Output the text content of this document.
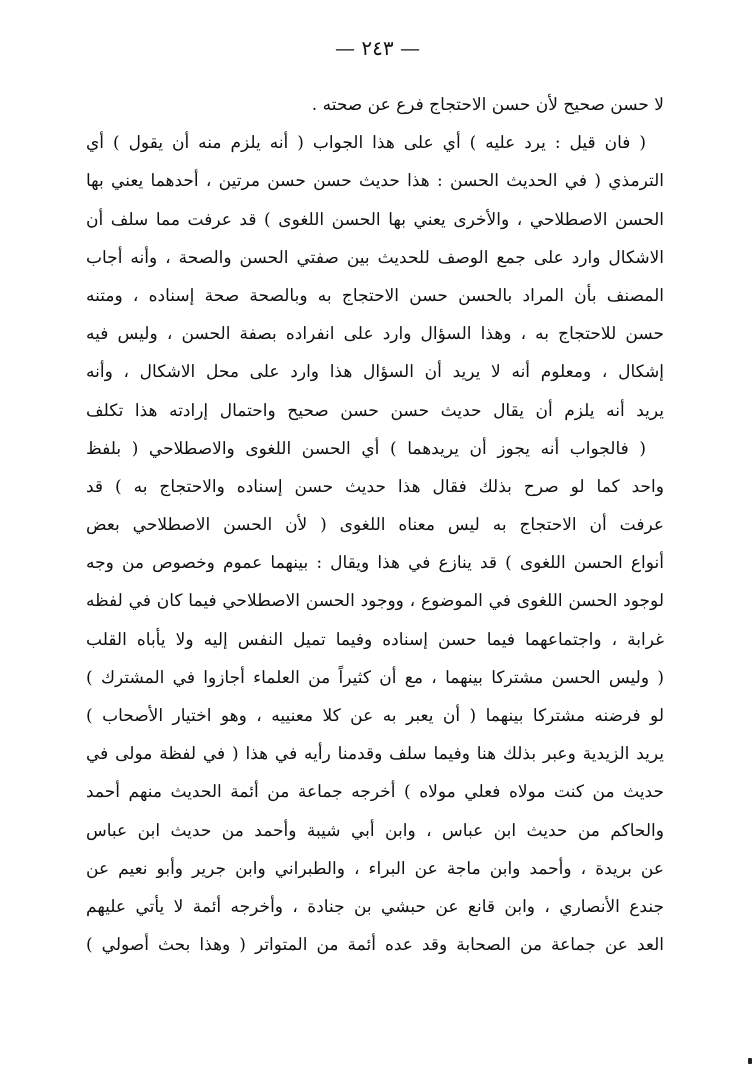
— ٢٤٣ —
لا حسن صحيح لأن حسن الاحتجاج فرع عن صحته .
( فان قيل : يرد عليه ) أي على هذا الجواب ( أنه يلزم منه أن يقول ) أي
الترمذي ( في الحديث الحسن : هذا حديث حسن حسن مرتين ، أحدهما يعني بها
الحسن الاصطلاحي ، والأخرى يعني بها الحسن اللغوى ) قد عرفت مما سلف أن
الاشكال وارد على جمع الوصف للحديث بين صفتي الحسن والصحة ، وأنه أجاب
المصنف بأن المراد بالحسن حسن الاحتجاج به وبالصحة صحة إسناده ، ومتنه
حسن للاحتجاج به ، وهذا السؤال وارد على انفراده بصفة الحسن ، وليس فيه
إشكال ، ومعلوم أنه لا يريد أن السؤال هذا وارد على محل الاشكال ، وأنه
يريد أنه يلزم أن يقال حديث حسن حسن صحيح واحتمال إرادته هذا تكلف
( فالجواب أنه يجوز أن يريدهما ) أي الحسن اللغوى والاصطلاحي ( بلفظ
واحد كما لو صرح بذلك فقال هذا حديث حسن إسناده والاحتجاج به ) قد
عرفت أن الاحتجاج به ليس معناه اللغوى ( لأن الحسن الاصطلاحي بعض
أنواع الحسن اللغوى ) قد ينازع في هذا ويقال : بينهما عموم وخصوص من وجه
لوجود الحسن اللغوى في الموضوع ، ووجود الحسن الاصطلاحي فيما كان في لفظه
غرابة ، واجتماعهما فيما حسن إسناده وفيما تميل النفس إليه ولا يأباه القلب
( وليس الحسن مشتركا بينهما ، مع أن كثيراً من العلماء أجازوا في المشترك )
لو فرضنه مشتركا بينهما ( أن يعبر به عن كلا معنييه ، وهو اختيار الأصحاب )
يريد الزيدية وعبر بذلك هنا وفيما سلف وقدمنا رأيه في هذا ( في لفظة مولى في
حديث من كنت مولاه فعلي مولاه ) أخرجه جماعة من أئمة الحديث منهم أحمد
والحاكم من حديث ابن عباس ، وابن أبي شيبة وأحمد من حديث ابن عباس
عن بريدة ، وأحمد وابن ماجة عن البراء ، والطبراني وابن جرير وأبو نعيم عن
جندع الأنصاري ، وابن قانع عن حبشي بن جنادة ، وأخرجه أئمة لا يأتي عليهم
العد عن جماعة من الصحابة وقد عده أئمة من المتواتر ( وهذا بحث أصولي )
